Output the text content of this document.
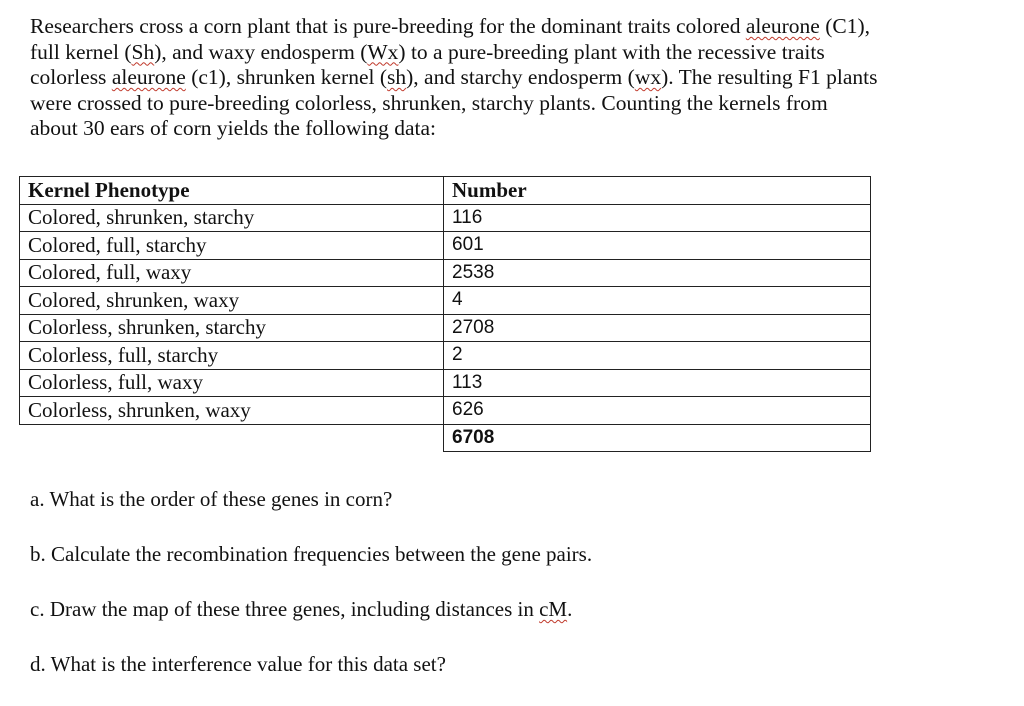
Researchers cross a corn plant that is pure-breeding for the dominant traits colored aleurone (C1),
full kernel (Sh), and waxy endosperm (Wx) to a pure-breeding plant with the recessive traits
colorless aleurone (c1), shrunken kernel (sh), and starchy endosperm (wx). The resulting F1 plants
were crossed to pure-breeding colorless, shrunken, starchy plants. Counting the kernels from
about 30 ears of corn yields the following data:
Kernel Phenotype	Number
Colored, shrunken, starchy	116
Colored, full, starchy	601
Colored, full, waxy	2538
Colored, shrunken, waxy	4
Colorless, shrunken, starchy	2708
Colorless, full, starchy	2
Colorless, full, waxy	113
Colorless, shrunken, waxy	626
	6708

a. What is the order of these genes in corn?

b. Calculate the recombination frequencies between the gene pairs.

c. Draw the map of these three genes, including distances in cM.

d. What is the interference value for this data set?
